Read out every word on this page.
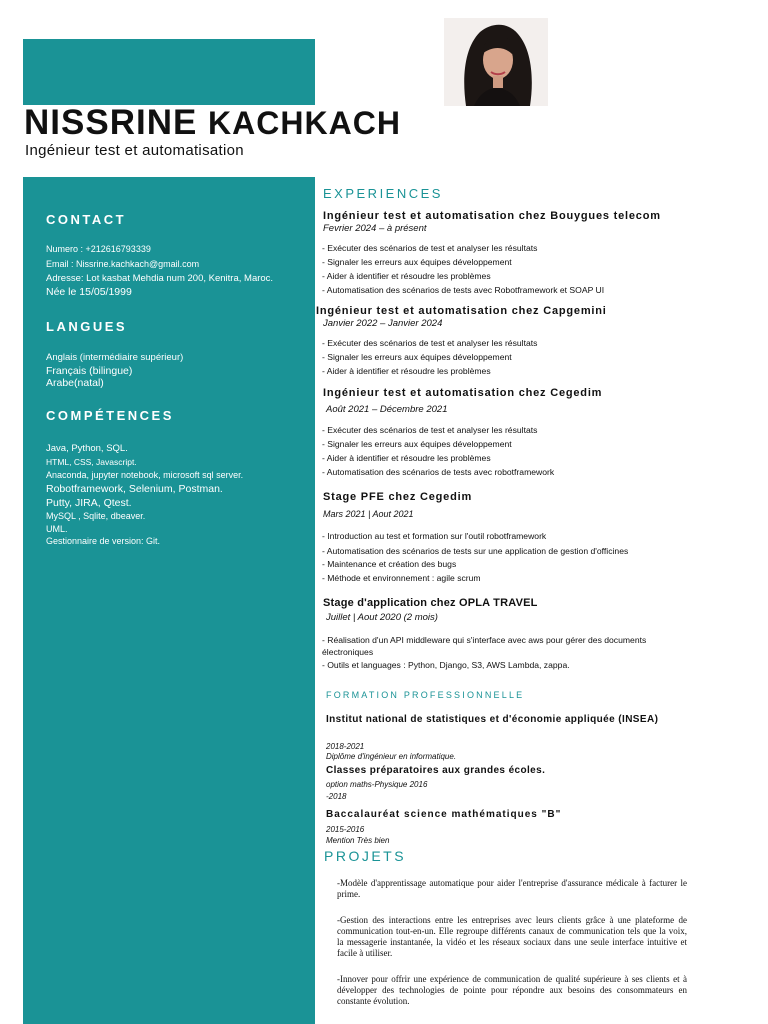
NISSRINE KACHKACH
Ingénieur test et automatisation
CONTACT
Numero : +212616793339
Email : Nissrine.kachkach@gmail.com
Adresse: Lot kasbat Mehdia num 200, Kenitra, Maroc.
Née le 15/05/1999
LANGUES
Anglais (intermédiaire supérieur)
Français (bilingue)
Arabe(natal)
COMPÉTENCES
Java, Python, SQL.
HTML, CSS, Javascript.
Anaconda, jupyter notebook, microsoft sql server.
Robotframework, Selenium, Postman.
Putty, JIRA, Qtest.
MySQL , Sqlite, dbeaver.
UML.
Gestionnaire de version: Git.
EXPERIENCES
Ingénieur test et automatisation chez Bouygues telecom
Fevrier 2024 – à présent
- Exécuter des scénarios de test et analyser les résultats
- Signaler les erreurs aux équipes développement
- Aider à identifier et résoudre les problèmes
- Automatisation des scénarios de tests avec Robotframework et SOAP UI
Ingénieur test et automatisation chez Capgemini
Janvier 2022 – Janvier 2024
- Exécuter des scénarios de test et analyser les résultats
- Signaler les erreurs aux équipes développement
- Aider à identifier et résoudre les problèmes
Ingénieur test et automatisation chez Cegedim
Août 2021 – Décembre 2021
- Exécuter des scénarios de test et analyser les résultats
- Signaler les erreurs aux équipes développement
- Aider à identifier et résoudre les problèmes
- Automatisation des scénarios de tests avec robotframework
Stage PFE chez Cegedim
Mars 2021 | Aout 2021
- Introduction au test et formation sur l'outil robotframework
- Automatisation des scénarios de tests sur une application de gestion d'officines
- Maintenance et création des bugs
- Méthode et environnement : agile scrum
Stage d'application chez OPLA TRAVEL
Juillet | Aout 2020 (2 mois)
- Réalisation d'un API middleware qui s'interface avec aws pour gérer des documents électroniques
- Outils et languages : Python, Django, S3, AWS Lambda, zappa.
FORMATION PROFESSIONNELLE
Institut national de statistiques et d'économie appliquée (INSEA)
2018-2021
Diplôme d'ingénieur en informatique.
Classes préparatoires aux grandes écoles.
option maths-Physique 2016
-2018
Baccalauréat science mathématiques "B"
2015-2016
Mention Très bien
PROJETS
-Modèle d'apprentissage automatique pour aider l'entreprise d'assurance médicale à facturer le prime.
-Gestion des interactions entre les entreprises avec leurs clients grâce à une plateforme de communication tout-en-un. Elle regroupe différents canaux de communication tels que la voix, la messagerie instantanée, la vidéo et les réseaux sociaux dans une seule interface intuitive et facile à utiliser.
-Innover pour offrir une expérience de communication de qualité supérieure à ses clients et à développer des technologies de pointe pour répondre aux besoins des consommateurs en constante évolution.
